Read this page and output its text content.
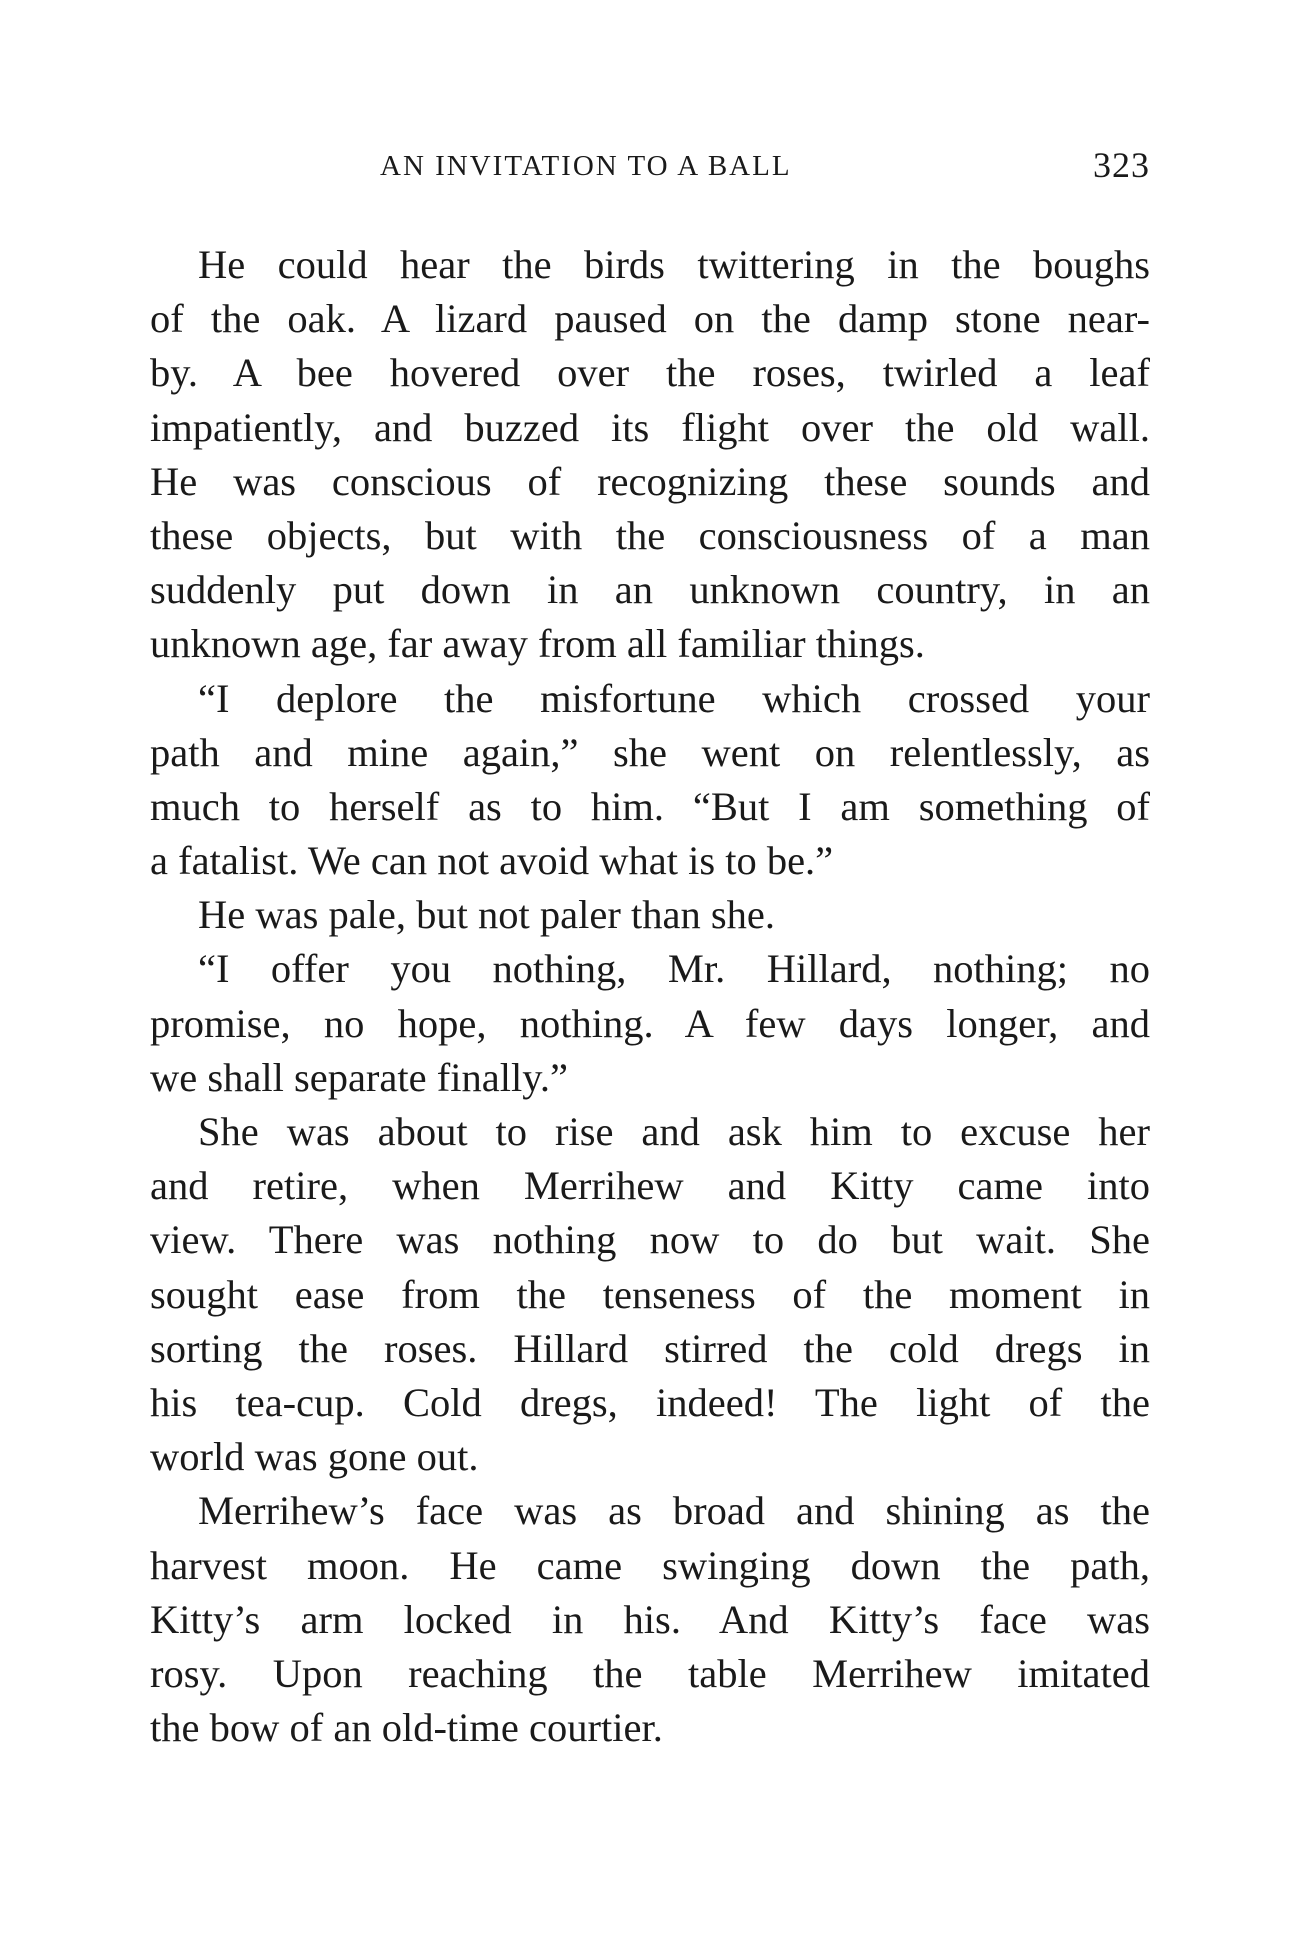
AN INVITATION TO A BALL	323

He could hear the birds twittering in the boughs
of the oak. A lizard paused on the damp stone near-
by. A bee hovered over the roses, twirled a leaf
impatiently, and buzzed its flight over the old wall.
He was conscious of recognizing these sounds and
these objects, but with the consciousness of a man
suddenly put down in an unknown country, in an
unknown age, far away from all familiar things.

“I deplore the misfortune which crossed your
path and mine again,” she went on relentlessly, as
much to herself as to him. “But I am something of
a fatalist. We can not avoid what is to be.”

He was pale, but not paler than she.

“I offer you nothing, Mr. Hillard, nothing; no
promise, no hope, nothing. A few days longer, and
we shall separate finally.”

She was about to rise and ask him to excuse her
and retire, when Merrihew and Kitty came into
view. There was nothing now to do but wait. She
sought ease from the tenseness of the moment in
sorting the roses. Hillard stirred the cold dregs in
his tea-cup. Cold dregs, indeed! The light of the
world was gone out.

Merrihew’s face was as broad and shining as the
harvest moon. He came swinging down the path,
Kitty’s arm locked in his. And Kitty’s face was
rosy. Upon reaching the table Merrihew imitated
the bow of an old-time courtier.
